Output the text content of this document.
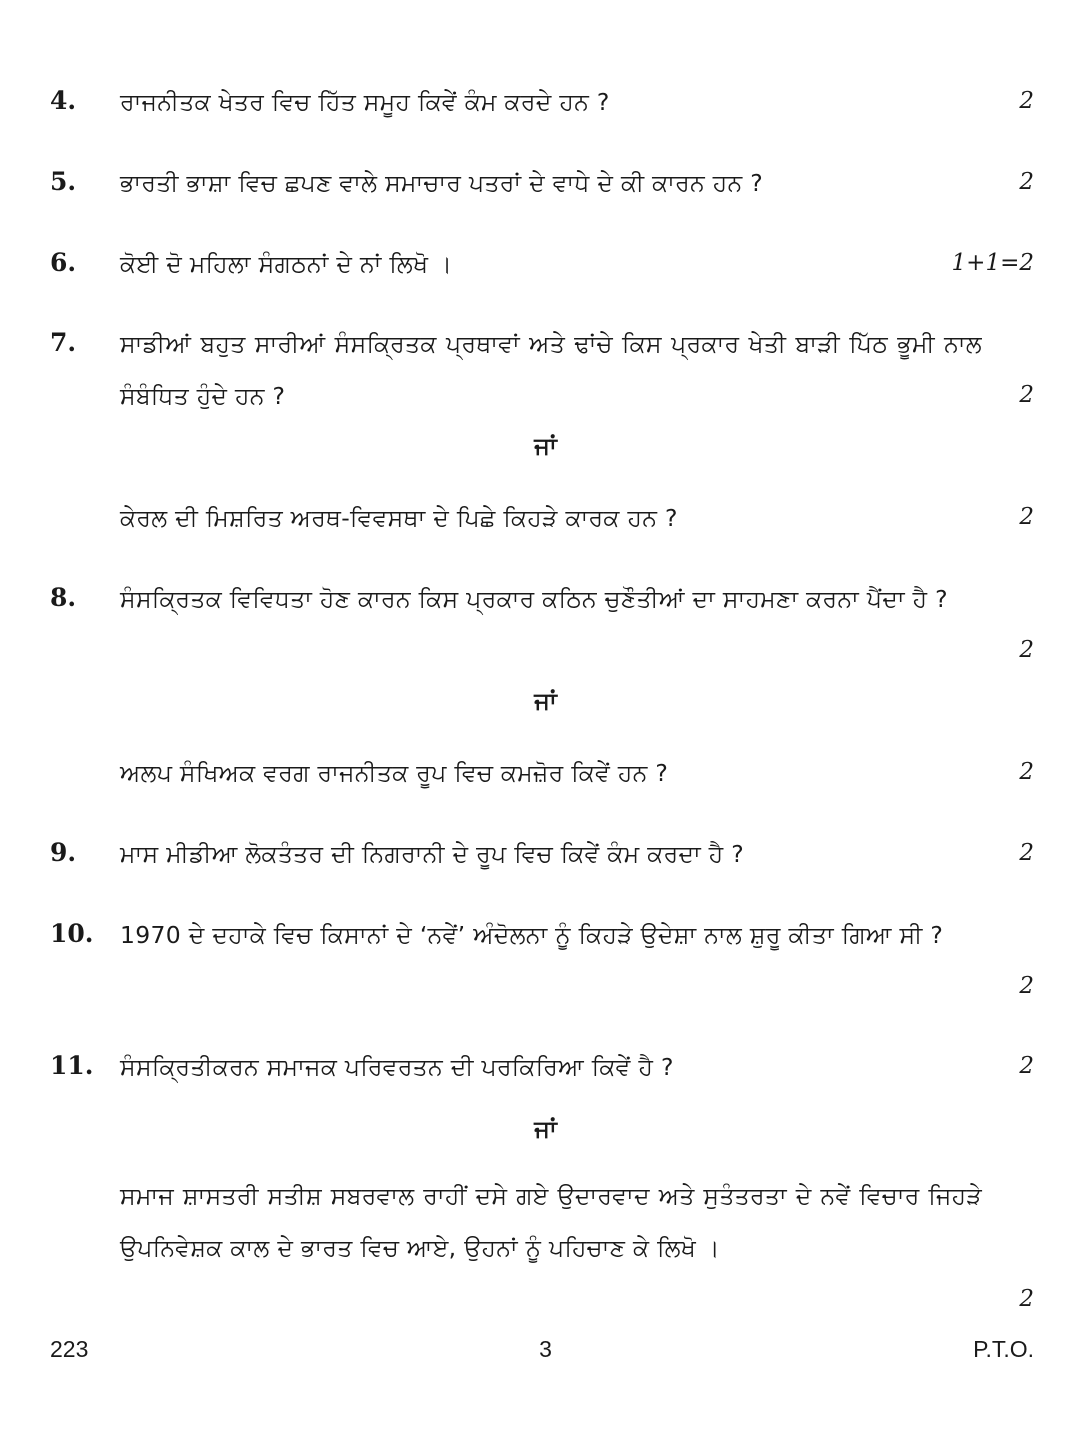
4. ਰਾਜਨੀਤਕ ਖੇਤਰ ਵਿਚ ਹਿੱਤ ਸਮੂਹ ਕਿਵੇਂ ਕੰਮ ਕਰਦੇ ਹਨ ?	2
5. ਭਾਰਤੀ ਭਾਸ਼ਾ ਵਿਚ ਛਪਣ ਵਾਲੇ ਸਮਾਚਾਰ ਪਤਰਾਂ ਦੇ ਵਾਧੇ ਦੇ ਕੀ ਕਾਰਨ ਹਨ ?	2
6. ਕੋਈ ਦੋ ਮਹਿਲਾ ਸੰਗਠਨਾਂ ਦੇ ਨਾਂ ਲਿਖੋ ।	1+1=2
7. ਸਾਡੀਆਂ ਬਹੁਤ ਸਾਰੀਆਂ ਸੰਸਕ੍ਰਿਤਕ ਪ੍ਰਥਾਵਾਂ ਅਤੇ ਢਾਂਚੇ ਕਿਸ ਪ੍ਰਕਾਰ ਖੇਤੀ ਬਾੜੀ ਪਿੱਠ ਭੂਮੀ ਨਾਲ ਸੰਬੰਧਿਤ ਹੁੰਦੇ ਹਨ ?	2
ਜਾਂ
ਕੇਰਲ ਦੀ ਮਿਸ਼ਰਿਤ ਅਰਥ-ਵਿਵਸਥਾ ਦੇ ਪਿਛੇ ਕਿਹੜੇ ਕਾਰਕ ਹਨ ?	2
8. ਸੰਸਕ੍ਰਿਤਕ ਵਿਵਿਧਤਾ ਹੋਣ ਕਾਰਨ ਕਿਸ ਪ੍ਰਕਾਰ ਕਠਿਨ ਚੁਣੌਤੀਆਂ ਦਾ ਸਾਹਮਣਾ ਕਰਨਾ ਪੈਂਦਾ ਹੈ ?
2
ਜਾਂ
ਅਲਪ ਸੰਖਿਅਕ ਵਰਗ ਰਾਜਨੀਤਕ ਰੂਪ ਵਿਚ ਕਮਜ਼ੋਰ ਕਿਵੇਂ ਹਨ ?	2
9. ਮਾਸ ਮੀਡੀਆ ਲੋਕਤੰਤਰ ਦੀ ਨਿਗਰਾਨੀ ਦੇ ਰੂਪ ਵਿਚ ਕਿਵੇਂ ਕੰਮ ਕਰਦਾ ਹੈ ?	2
10. 1970 ਦੇ ਦਹਾਕੇ ਵਿਚ ਕਿਸਾਨਾਂ ਦੇ ‘ਨਵੇਂ’ ਅੰਦੋਲਨਾ ਨੂੰ ਕਿਹੜੇ ਉਦੇਸ਼ਾ ਨਾਲ ਸ਼ੁਰੂ ਕੀਤਾ ਗਿਆ ਸੀ ?
2
11. ਸੰਸਕ੍ਰਿਤੀਕਰਨ ਸਮਾਜਕ ਪਰਿਵਰਤਨ ਦੀ ਪਰਕਿਰਿਆ ਕਿਵੇਂ ਹੈ ?	2
ਜਾਂ
ਸਮਾਜ ਸ਼ਾਸਤਰੀ ਸਤੀਸ਼ ਸਬਰਵਾਲ ਰਾਹੀਂ ਦਸੇ ਗਏ ਉਦਾਰਵਾਦ ਅਤੇ ਸੁਤੰਤਰਤਾ ਦੇ ਨਵੇਂ ਵਿਚਾਰ ਜਿਹੜੇ ਉਪਨਿਵੇਸ਼ਕ ਕਾਲ ਦੇ ਭਾਰਤ ਵਿਚ ਆਏ, ਉਹਨਾਂ ਨੂੰ ਪਹਿਚਾਣ ਕੇ ਲਿਖੋ ।
2
223	3	P.T.O.
